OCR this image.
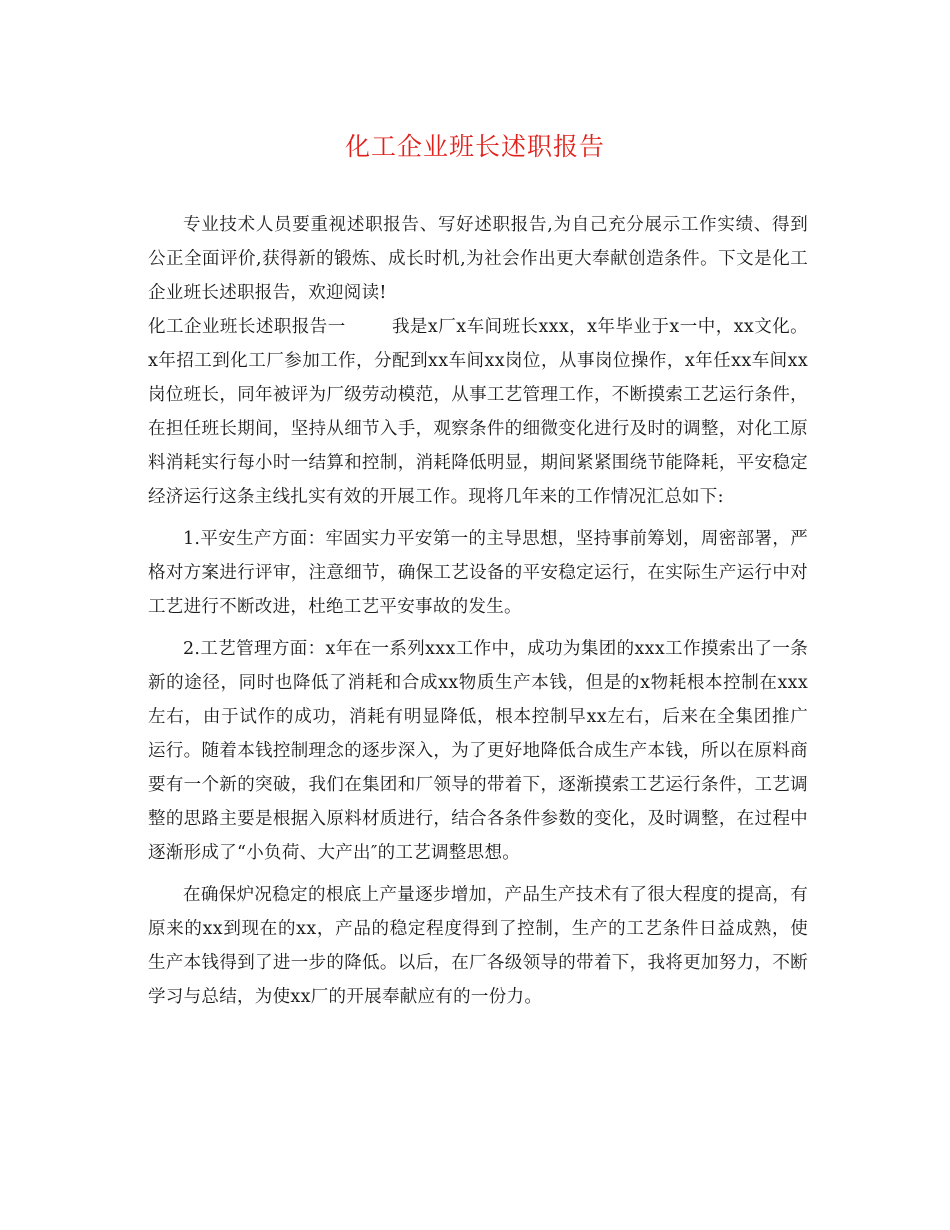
化工企业班长述职报告

专业技术人员要重视述职报告、写好述职报告,为自己充分展示工作实绩、得到公正全面评价,获得新的锻炼、成长时机,为社会作出更大奉献创造条件。下文是化工企业班长述职报告，欢迎阅读!

化工企业班长述职报告一	我是x厂x车间班长xxx，x年毕业于x一中，xx文化。x年招工到化工厂参加工作，分配到xx车间xx岗位，从事岗位操作，x年任xx车间xx岗位班长，同年被评为厂级劳动模范，从事工艺管理工作，不断摸索工艺运行条件，在担任班长期间，坚持从细节入手，观察条件的细微变化进行及时的调整，对化工原料消耗实行每小时一结算和控制，消耗降低明显，期间紧紧围绕节能降耗，平安稳定经济运行这条主线扎实有效的开展工作。现将几年来的工作情况汇总如下:

1.平安生产方面：牢固实力平安第一的主导思想，坚持事前筹划，周密部署，严格对方案进行评审，注意细节，确保工艺设备的平安稳定运行，在实际生产运行中对工艺进行不断改进，杜绝工艺平安事故的发生。

2.工艺管理方面：x年在一系列xxx工作中，成功为集团的xxx工作摸索出了一条新的途径，同时也降低了消耗和合成xx物质生产本钱，但是的x物耗根本控制在xxx左右，由于试作的成功，消耗有明显降低，根本控制早xx左右，后来在全集团推广运行。随着本钱控制理念的逐步深入，为了更好地降低合成生产本钱，所以在原料商要有一个新的突破，我们在集团和厂领导的带着下，逐渐摸索工艺运行条件，工艺调整的思路主要是根据入原料材质进行，结合各条件参数的变化，及时调整，在过程中逐渐形成了“小负荷、大产出″的工艺调整思想。

在确保炉况稳定的根底上产量逐步增加，产品生产技术有了很大程度的提高，有原来的xx到现在的xx，产品的稳定程度得到了控制，生产的工艺条件日益成熟，使生产本钱得到了进一步的降低。以后，在厂各级领导的带着下，我将更加努力，不断学习与总结，为使xx厂的开展奉献应有的一份力。
